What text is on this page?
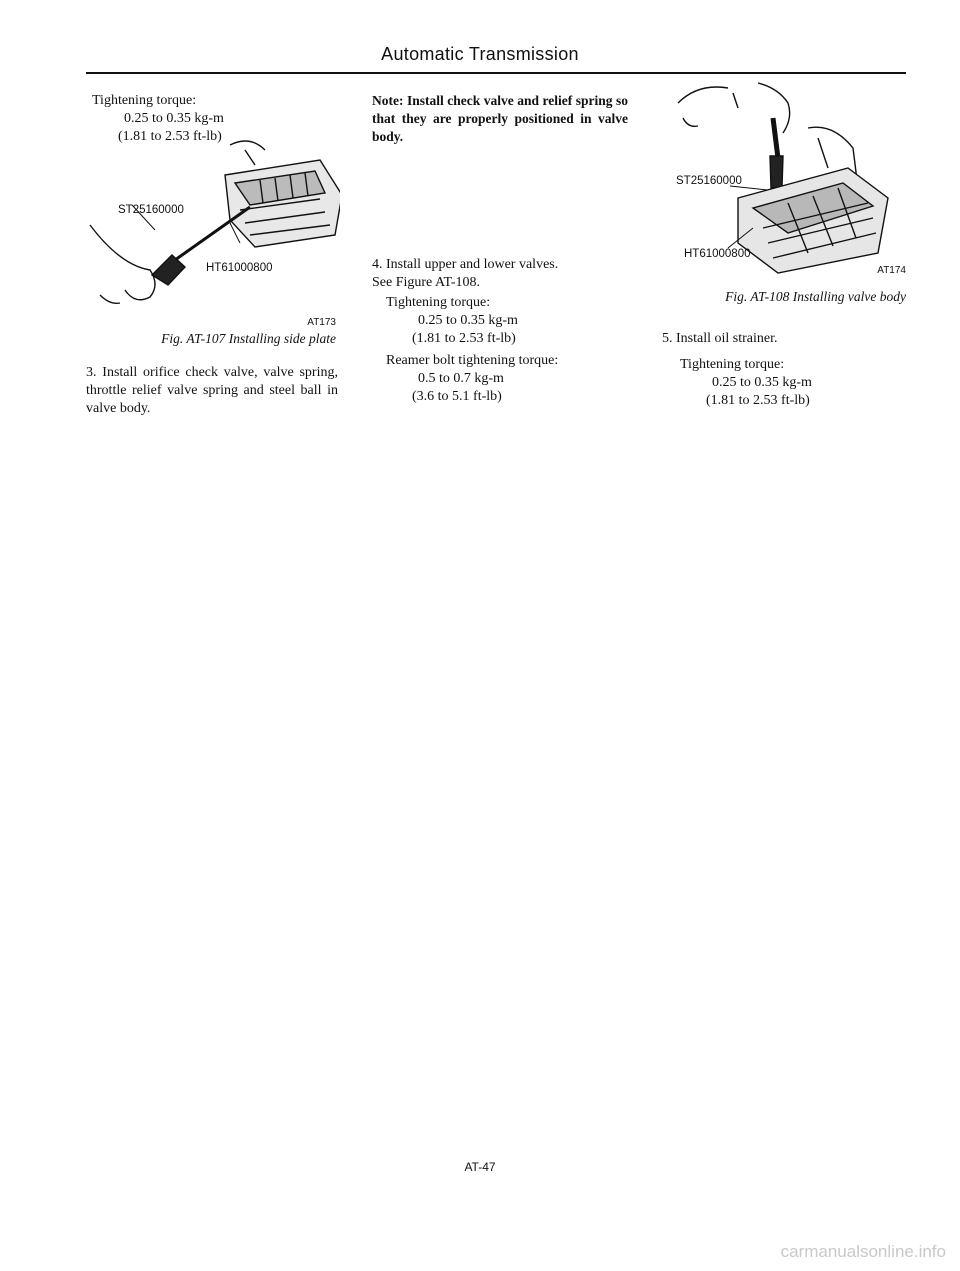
Automatic Transmission

Tightening torque:

0.25 to 0.35 kg-m

(1.81 to 2.53 ft-lb)

ST25160000
HT61000800
AT173
Fig. AT-107 Installing side plate

3. Install orifice check valve, valve spring, throttle relief valve spring and steel ball in valve body.

Note: Install check valve and relief spring so that they are properly positioned in valve body.

4. Install upper and lower valves.

See Figure AT-108.

Tightening torque:

0.25 to 0.35 kg-m

(1.81 to 2.53 ft-lb)

Reamer bolt tightening torque:

0.5 to 0.7 kg-m

(3.6 to 5.1 ft-lb)

ST25160000
HT61000800
AT174
Fig. AT-108 Installing valve body

5. Install oil strainer.

Tightening torque:

0.25 to 0.35 kg-m

(1.81 to 2.53 ft-lb)

AT-47
carmanualsonline.info
